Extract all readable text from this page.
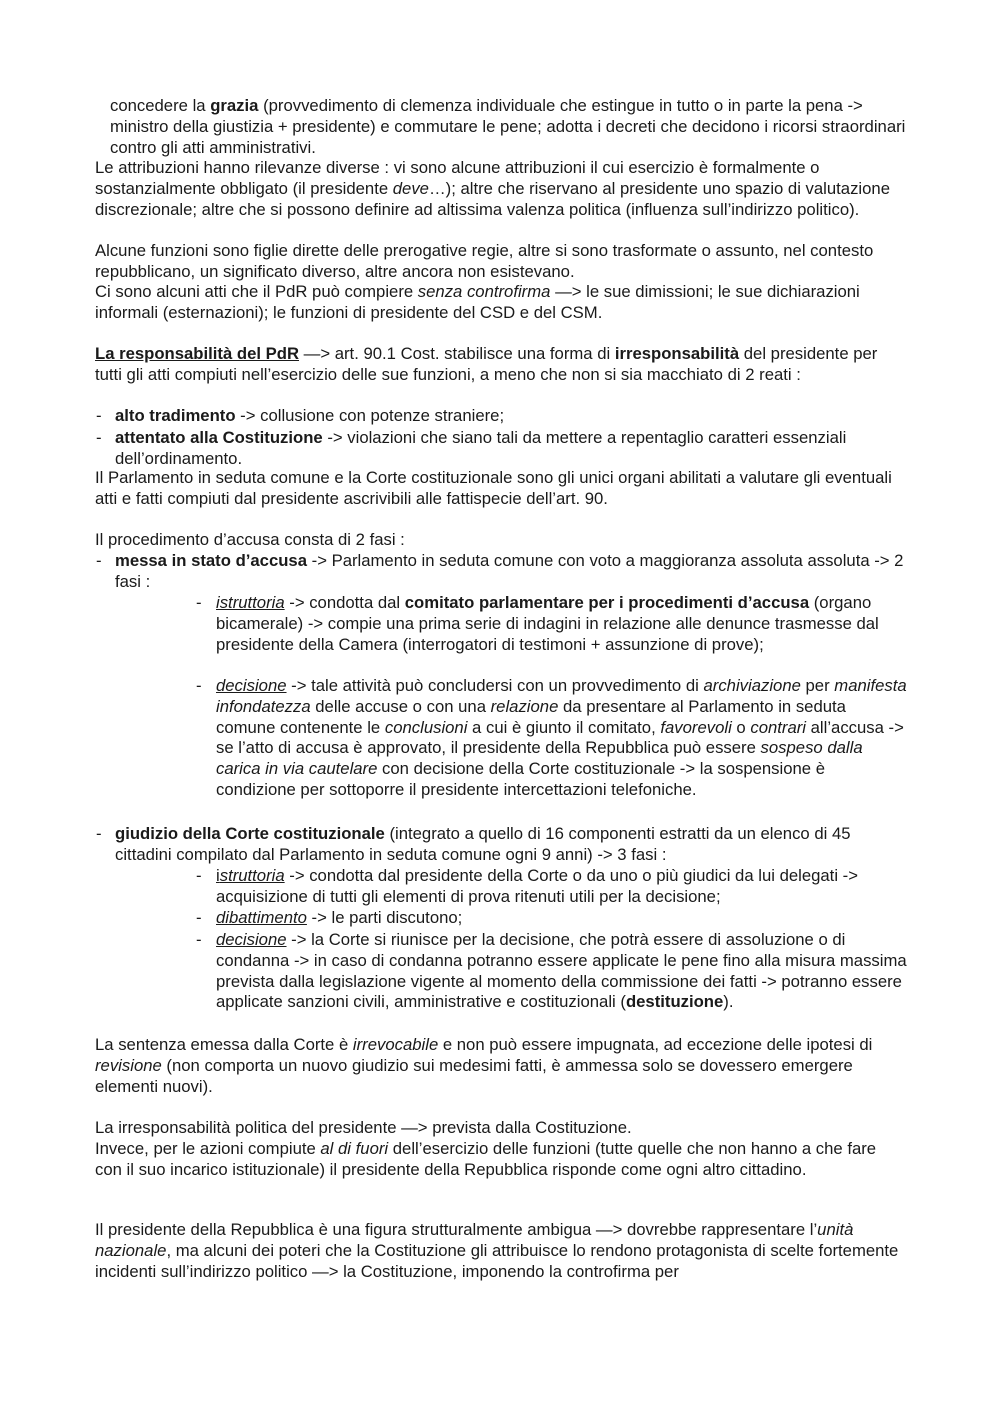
concedere la grazia (provvedimento di clemenza individuale che estingue in tutto o in parte la pena -> ministro della giustizia + presidente) e commutare le pene; adotta i decreti che decidono i ricorsi straordinari contro gli atti amministrativi.

Le attribuzioni hanno rilevanze diverse : vi sono alcune attribuzioni il cui esercizio è formalmente o sostanzialmente obbligato (il presidente deve…); altre che riservano al presidente uno spazio di valutazione discrezionale; altre che si possono definire ad altissima valenza politica (influenza sull’indirizzo politico).

Alcune funzioni sono figlie dirette delle prerogative regie, altre si sono trasformate o assunto, nel contesto repubblicano, un significato diverso, altre ancora non esistevano.

Ci sono alcuni atti che il PdR può compiere senza controfirma —> le sue dimissioni; le sue dichiarazioni informali (esternazioni); le funzioni di presidente del CSD e del CSM.

La responsabilità del PdR —> art. 90.1 Cost. stabilisce una forma di irresponsabilità del presidente per tutti gli atti compiuti nell’esercizio delle sue funzioni, a meno che non si sia macchiato di 2 reati :

- alto tradimento -> collusione con potenze straniere;

- attentato alla Costituzione -> violazioni che siano tali da mettere a repentaglio caratteri essenziali dell’ordinamento.

Il Parlamento in seduta comune e la Corte costituzionale sono gli unici organi abilitati a valutare gli eventuali atti e fatti compiuti dal presidente ascrivibili alle fattispecie dell’art. 90.

Il procedimento d’accusa consta di 2 fasi :

- messa in stato d’accusa -> Parlamento in seduta comune con voto a maggioranza assoluta assoluta -> 2 fasi :

- istruttoria -> condotta dal comitato parlamentare per i procedimenti d’accusa (organo bicamerale) -> compie una prima serie di indagini in relazione alle denunce trasmesse dal presidente della Camera (interrogatori di testimoni + assunzione di prove);

- decisione -> tale attività può concludersi con un provvedimento di archiviazione per manifesta infondatezza delle accuse o con una relazione da presentare al Parlamento in seduta comune contenente le conclusioni a cui è giunto il comitato, favorevoli o contrari all’accusa -> se l’atto di accusa è approvato, il presidente della Repubblica può essere sospeso dalla carica in via cautelare con decisione della Corte costituzionale -> la sospensione è condizione per sottoporre il presidente intercettazioni telefoniche.

- giudizio della Corte costituzionale (integrato a quello di 16 componenti estratti da un elenco di 45 cittadini compilato dal Parlamento in seduta comune ogni 9 anni) -> 3 fasi :

- istruttoria -> condotta dal presidente della Corte o da uno o più giudici da lui delegati -> acquisizione di tutti gli elementi di prova ritenuti utili per la decisione;

- dibattimento -> le parti discutono;

- decisione -> la Corte si riunisce per la decisione, che potrà essere di assoluzione o di condanna -> in caso di condanna potranno essere applicate le pene fino alla misura massima prevista dalla legislazione vigente al momento della commissione dei fatti -> potranno essere applicate sanzioni civili, amministrative e costituzionali (destituzione).

La sentenza emessa dalla Corte è irrevocabile e non può essere impugnata, ad eccezione delle ipotesi di revisione (non comporta un nuovo giudizio sui medesimi fatti, è ammessa solo se dovessero emergere elementi nuovi).

La irresponsabilità politica del presidente —> prevista dalla Costituzione.

Invece, per le azioni compiute al di fuori dell’esercizio delle funzioni (tutte quelle che non hanno a che fare con il suo incarico istituzionale) il presidente della Repubblica risponde come ogni altro cittadino.

Il presidente della Repubblica è una figura strutturalmente ambigua —> dovrebbe rappresentare l’unità nazionale, ma alcuni dei poteri che la Costituzione gli attribuisce lo rendono protagonista di scelte fortemente incidenti sull’indirizzo politico —> la Costituzione, imponendo la controfirma per
